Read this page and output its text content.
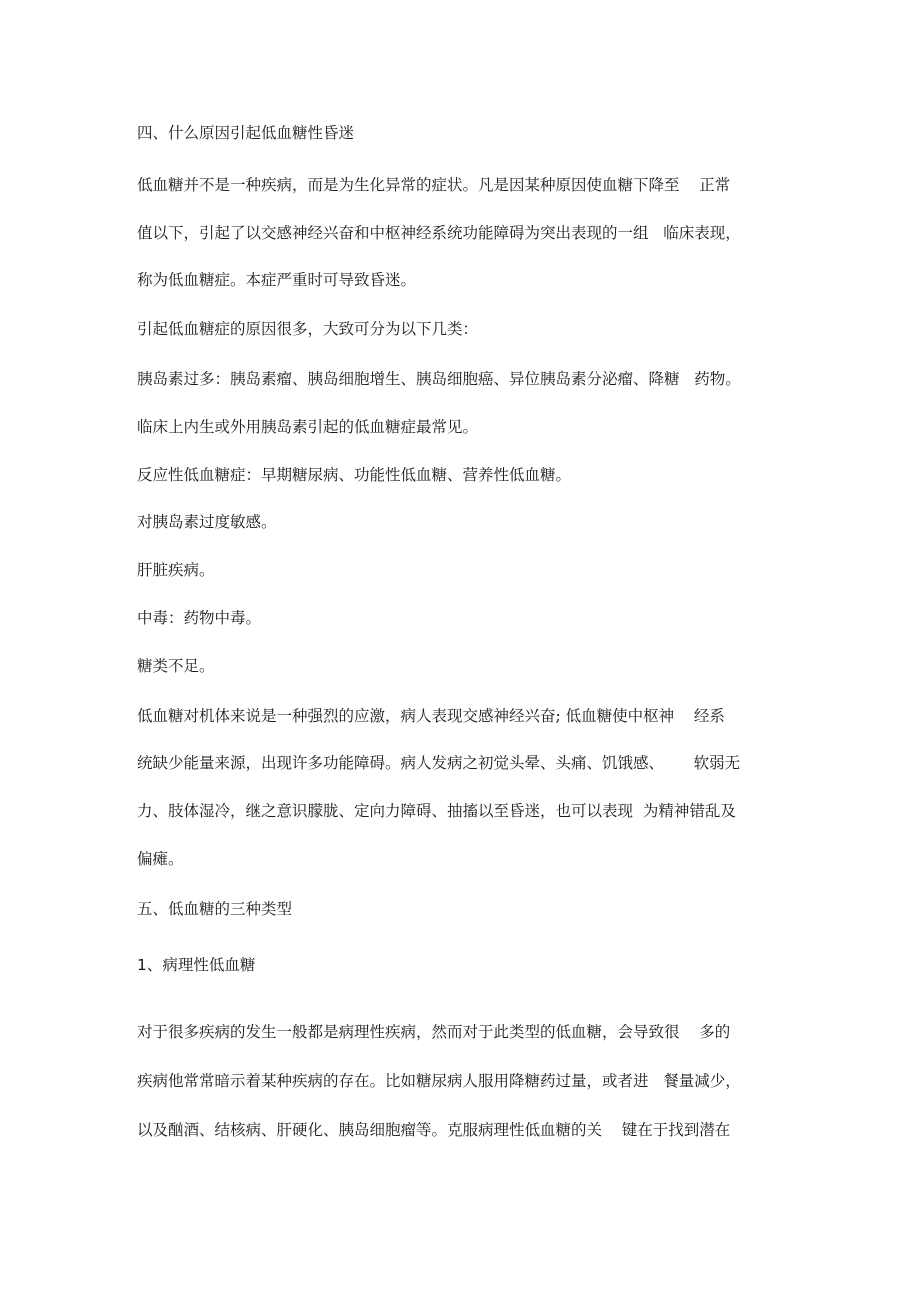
四、什么原因引起低血糖性昏迷
低血糖并不是一种疾病，而是为生化异常的症状。凡是因某种原因使血糖下降至    正常
值以下，引起了以交感神经兴奋和中枢神经系统功能障碍为突出表现的一组   临床表现，
称为低血糖症。本症严重时可导致昏迷。
引起低血糖症的原因很多，大致可分为以下几类：
胰岛素过多：胰岛素瘤、胰岛细胞增生、胰岛细胞癌、异位胰岛素分泌瘤、降糖   药物。
临床上内生或外用胰岛素引起的低血糖症最常见。
反应性低血糖症：早期糖尿病、功能性低血糖、营养性低血糖。
对胰岛素过度敏感。
肝脏疾病。
中毒：药物中毒。
糖类不足。
低血糖对机体来说是一种强烈的应激，病人表现交感神经兴奋; 低血糖使中枢神    经系
统缺少能量来源，出现许多功能障碍。病人发病之初觉头晕、头痛、饥饿感、      软弱无
力、肢体湿冷，继之意识朦胧、定向力障碍、抽搐以至昏迷，也可以表现  为精神错乱及
偏瘫。
五、低血糖的三种类型
1、病理性低血糖
对于很多疾病的发生一般都是病理性疾病，然而对于此类型的低血糖，会导致很    多的
疾病他常常暗示着某种疾病的存在。比如糖尿病人服用降糖药过量，或者进   餐量减少，
以及酗酒、结核病、肝硬化、胰岛细胞瘤等。克服病理性低血糖的关    键在于找到潜在
